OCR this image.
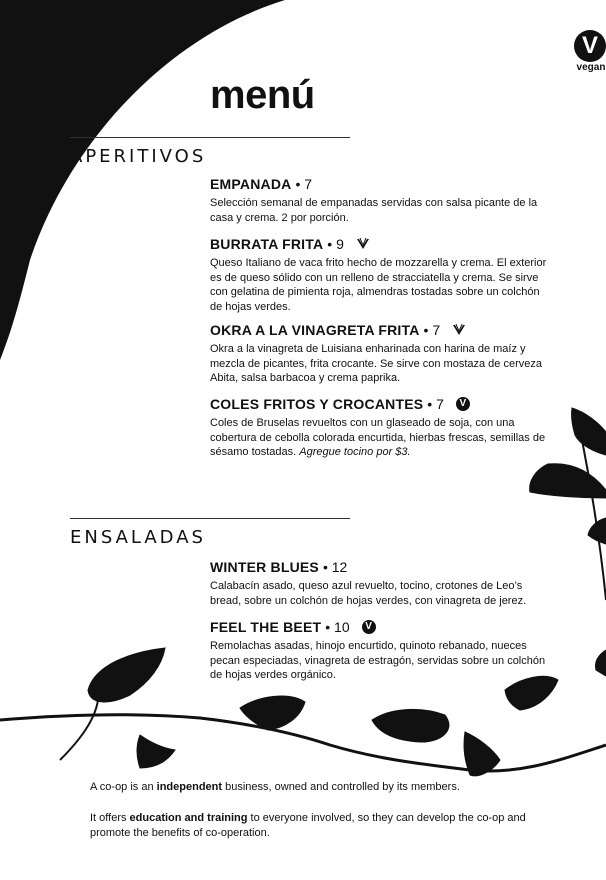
V
vegan
menú
APERITIVOS
EMPANADA • 7
Selección semanal de empanadas servidas con salsa picante de la casa y crema. 2 por porción.
BURRATA FRITA • 9
Queso Italiano de vaca frito hecho de mozzarella y crema. El exterior es de queso sólido con un relleno de stracciatella y crema. Se sirve con gelatina de pimienta roja, almendras tostadas sobre un colchón de hojas verdes.
OKRA A LA VINAGRETA FRITA • 7
Okra a la vinagreta de Luisiana enharinada con harina de maíz y mezcla de picantes, frita crocante. Se sirve con mostaza de cerveza Abita, salsa barbacoa y crema paprika.
COLES FRITOS Y CROCANTES • 7	V
Coles de Bruselas revueltos con un glaseado de soja, con una cobertura de cebolla colorada encurtida, hierbas frescas, semillas de sésamo tostadas. Agregue tocino por $3.
ENSALADAS
WINTER BLUES • 12
Calabacín asado, queso azul revuelto, tocino, crotones de Leo’s bread, sobre un colchón de hojas verdes, con vinagreta de jerez.
FEEL THE BEET • 10	V
Remolachas asadas, hinojo encurtido, quinoto rebanado, nueces pecan especiadas, vinagreta de estragón, servidas sobre un colchón de hojas verdes orgánico.
A co-op is an independent business, owned and controlled by its members.
It offers education and training to everyone involved, so they can develop the co-op and promote the benefits of co-operation.
